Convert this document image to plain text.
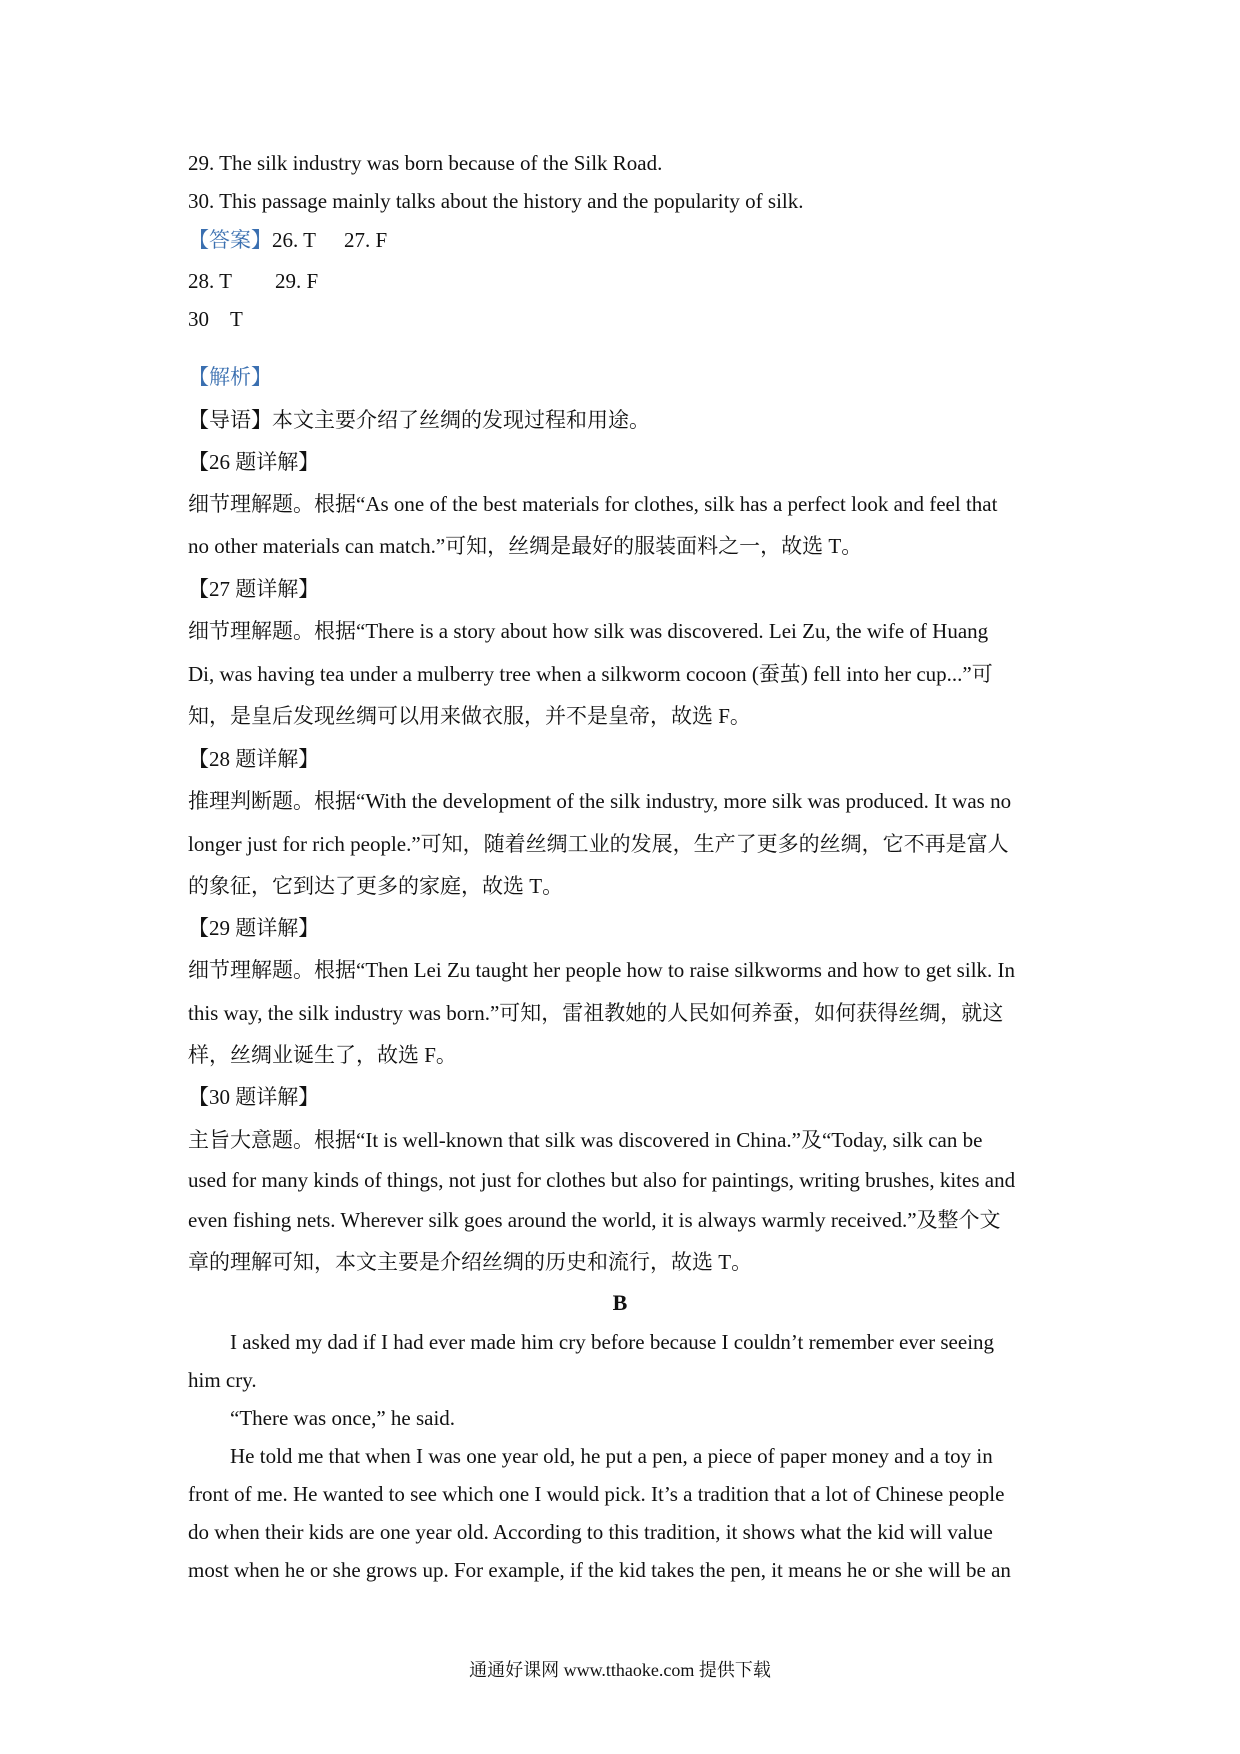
29. The silk industry was born because of the Silk Road.
30. This passage mainly talks about the history and the popularity of silk.
【答案】26. T 27. F
28. T 29. F
30 T
【解析】
【导语】本文主要介绍了丝绸的发现过程和用途。
【26 题详解】
细节理解题。根据“As one of the best materials for clothes, silk has a perfect look and feel that
no other materials can match.”可知，丝绸是最好的服装面料之一，故选 T。
【27 题详解】
细节理解题。根据“There is a story about how silk was discovered. Lei Zu, the wife of Huang
Di, was having tea under a mulberry tree when a silkworm cocoon (蚕茧) fell into her cup...”可
知，是皇后发现丝绸可以用来做衣服，并不是皇帝，故选 F。
【28 题详解】
推理判断题。根据“With the development of the silk industry, more silk was produced. It was no
longer just for rich people.”可知，随着丝绸工业的发展，生产了更多的丝绸，它不再是富人
的象征，它到达了更多的家庭，故选 T。
【29 题详解】
细节理解题。根据“Then Lei Zu taught her people how to raise silkworms and how to get silk. In
this way, the silk industry was born.”可知，雷祖教她的人民如何养蚕，如何获得丝绸，就这
样，丝绸业诞生了，故选 F。
【30 题详解】
主旨大意题。根据“It is well-known that silk was discovered in China.”及“Today, silk can be
used for many kinds of things, not just for clothes but also for paintings, writing brushes, kites and
even fishing nets. Wherever silk goes around the world, it is always warmly received.”及整个文
章的理解可知，本文主要是介绍丝绸的历史和流行，故选 T。
B
I asked my dad if I had ever made him cry before because I couldn’t remember ever seeing
him cry.
“There was once,” he said.
He told me that when I was one year old, he put a pen, a piece of paper money and a toy in
front of me. He wanted to see which one I would pick. It’s a tradition that a lot of Chinese people
do when their kids are one year old. According to this tradition, it shows what the kid will value
most when he or she grows up. For example, if the kid takes the pen, it means he or she will be an
通通好课网 www.tthaoke.com 提供下载
